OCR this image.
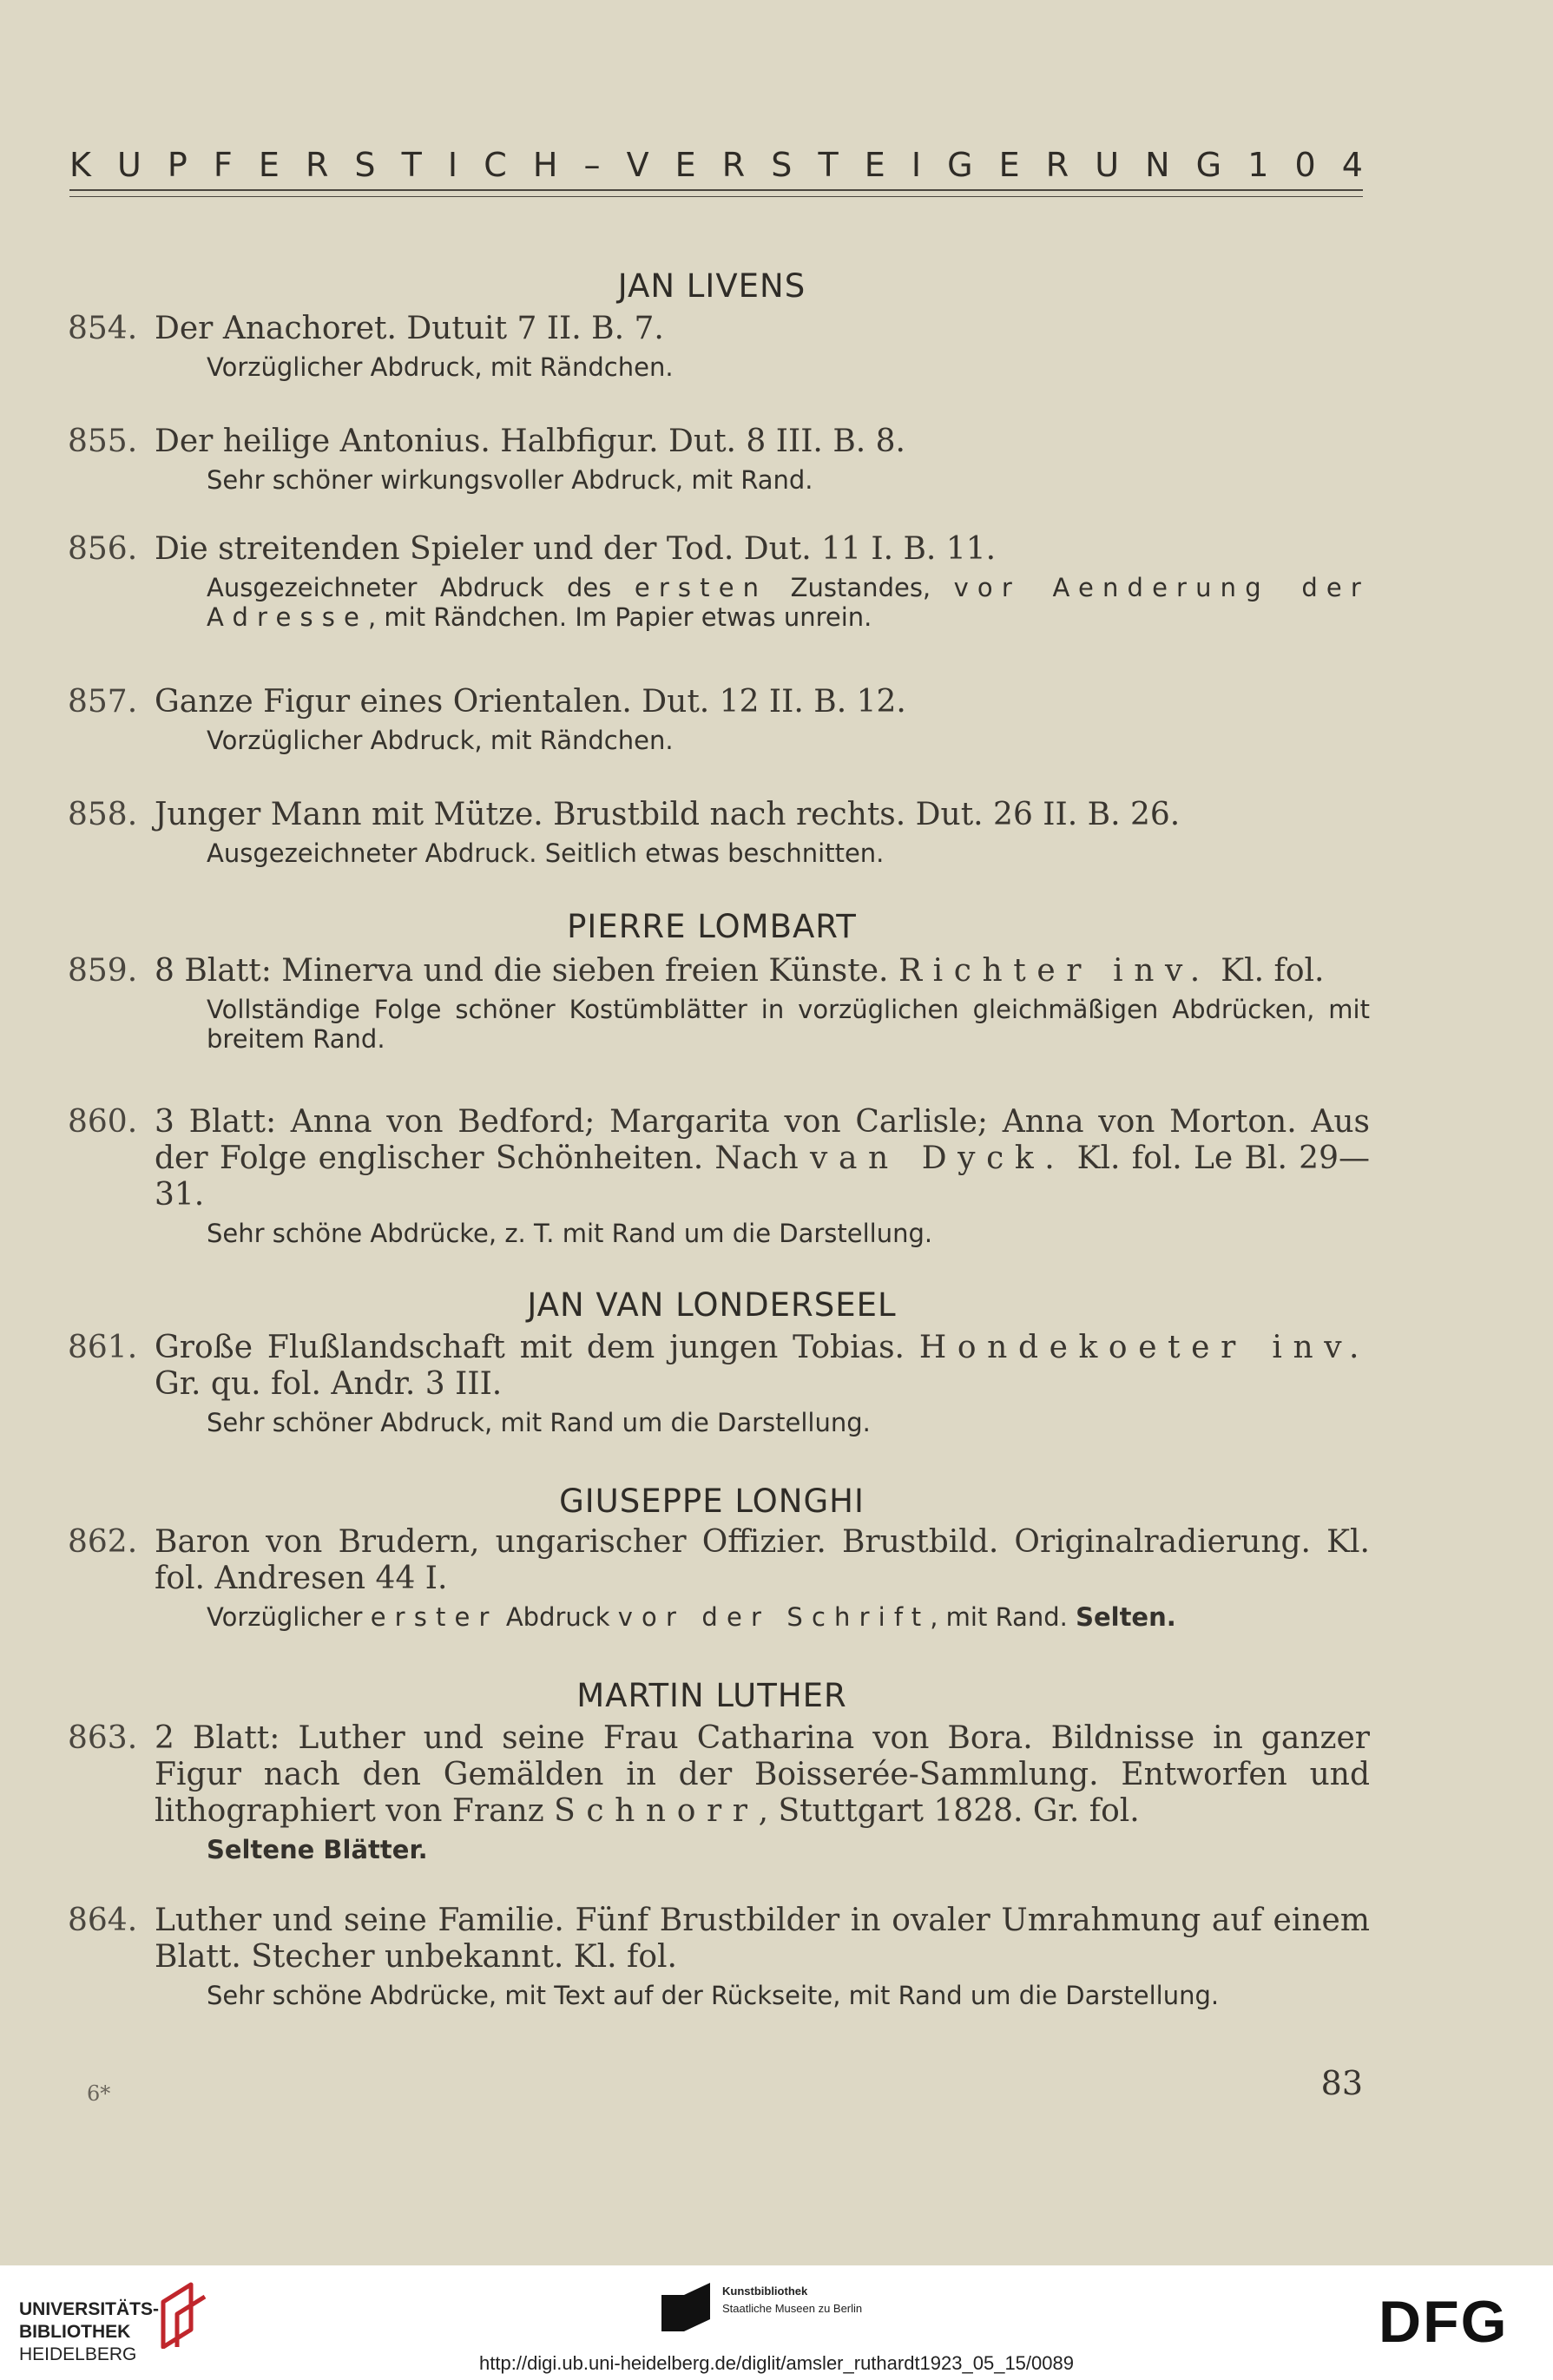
K U P F E R S T I C H – V E R S T E I G E R U N G 1 0 4
JAN LIVENS
854. Der Anachoret. Dutuit 7 II. B. 7.
Vorzüglicher Abdruck, mit Rändchen.
855. Der heilige Antonius. Halbfigur. Dut. 8 III. B. 8.
Sehr schöner wirkungsvoller Abdruck, mit Rand.
856. Die streitenden Spieler und der Tod. Dut. 11 I. B. 11.
Ausgezeichneter Abdruck des ersten Zustandes, vor Aenderung der Adresse, mit Rändchen. Im Papier etwas unrein.
857. Ganze Figur eines Orientalen. Dut. 12 II. B. 12.
Vorzüglicher Abdruck, mit Rändchen.
858. Junger Mann mit Mütze. Brustbild nach rechts. Dut. 26 II. B. 26.
Ausgezeichneter Abdruck. Seitlich etwas beschnitten.
PIERRE LOMBART
859. 8 Blatt: Minerva und die sieben freien Künste. Richter inv. Kl. fol.
Vollständige Folge schöner Kostümblätter in vorzüglichen gleichmäßigen Abdrücken, mit breitem Rand.
860. 3 Blatt: Anna von Bedford; Margarita von Carlisle; Anna von Morton. Aus der Folge englischer Schönheiten. Nach van Dyck. Kl. fol. Le Bl. 29—31.
Sehr schöne Abdrücke, z. T. mit Rand um die Darstellung.
JAN VAN LONDERSEEL
861. Große Flußlandschaft mit dem jungen Tobias. Hondekoeter inv. Gr. qu. fol. Andr. 3 III.
Sehr schöner Abdruck, mit Rand um die Darstellung.
GIUSEPPE LONGHI
862. Baron von Brudern, ungarischer Offizier. Brustbild. Originalradierung. Kl. fol. Andresen 44 I.
Vorzüglicher erster Abdruck vor der Schrift, mit Rand. Selten.
MARTIN LUTHER
863. 2 Blatt: Luther und seine Frau Catharina von Bora. Bildnisse in ganzer Figur nach den Gemälden in der Boisserée-Sammlung. Entworfen und lithographiert von Franz Schnorr, Stuttgart 1828. Gr. fol.
Seltene Blätter.
864. Luther und seine Familie. Fünf Brustbilder in ovaler Umrahmung auf einem Blatt. Stecher unbekannt. Kl. fol.
Sehr schöne Abdrücke, mit Text auf der Rückseite, mit Rand um die Darstellung.
6*	83
UNIVERSITÄTS-
BIBLIOTHEK
HEIDELBERG
Kunstbibliothek
Staatliche Museen zu Berlin	DFG
http://digi.ub.uni-heidelberg.de/diglit/amsler_ruthardt1923_05_15/0089
